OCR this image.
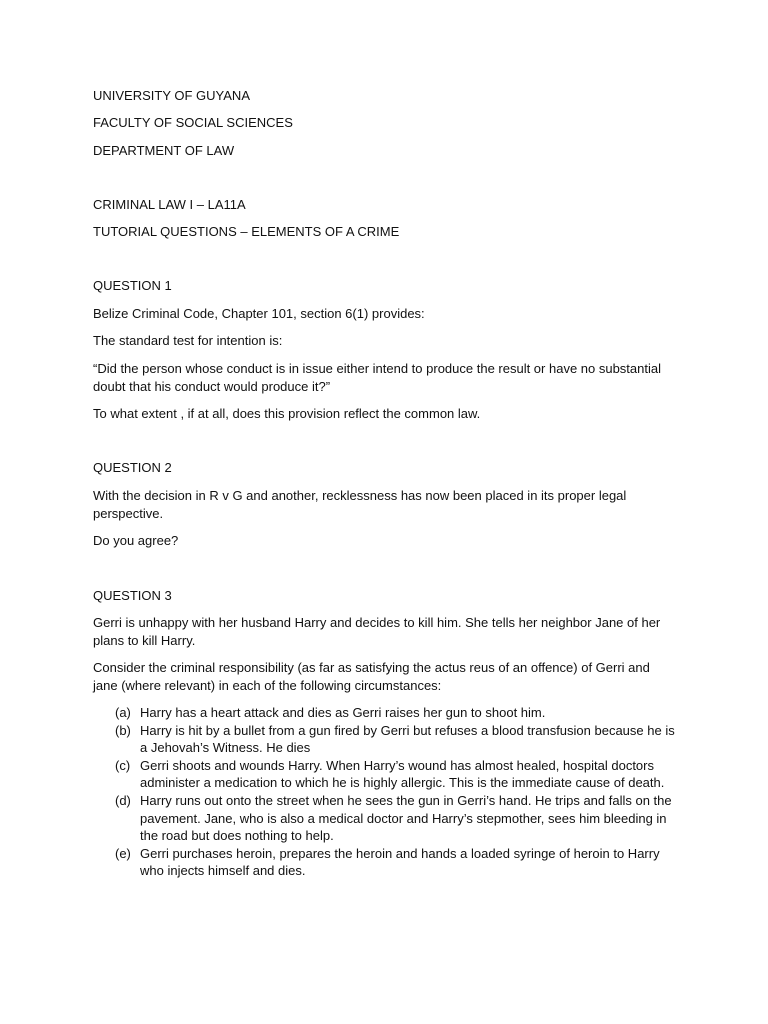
UNIVERSITY OF GUYANA

FACULTY OF SOCIAL SCIENCES

DEPARTMENT OF LAW

CRIMINAL LAW I – LA11A

TUTORIAL QUESTIONS – ELEMENTS OF A CRIME

QUESTION 1

Belize Criminal Code, Chapter 101, section 6(1) provides:

The standard test for intention is:

“Did the person whose conduct is in issue either intend to produce the result or have no substantial doubt that his conduct would produce it?”

To what extent , if at all, does this provision reflect the common law.

QUESTION 2

With the decision in R v G and another, recklessness has now been placed in its proper legal perspective.

Do you agree?

QUESTION 3

Gerri is unhappy with her husband Harry and decides to kill him. She tells her neighbor Jane of her plans to kill Harry.

Consider the criminal responsibility (as far as satisfying the actus reus of an offence) of Gerri and jane (where relevant) in each of the following circumstances:

(a) Harry has a heart attack and dies as Gerri raises her gun to shoot him.
(b) Harry is hit by a bullet from a gun fired by Gerri but refuses a blood transfusion because he is a Jehovah’s Witness. He dies
(c) Gerri shoots and wounds Harry. When Harry’s wound has almost healed, hospital doctors administer a medication to which he is highly allergic. This is the immediate cause of death.
(d) Harry runs out onto the street when he sees the gun in Gerri’s hand. He trips and falls on the pavement. Jane, who is also a medical doctor and Harry’s stepmother, sees him bleeding in the road but does nothing to help.
(e) Gerri purchases heroin, prepares the heroin and hands a loaded syringe of heroin to Harry who injects himself and dies.
